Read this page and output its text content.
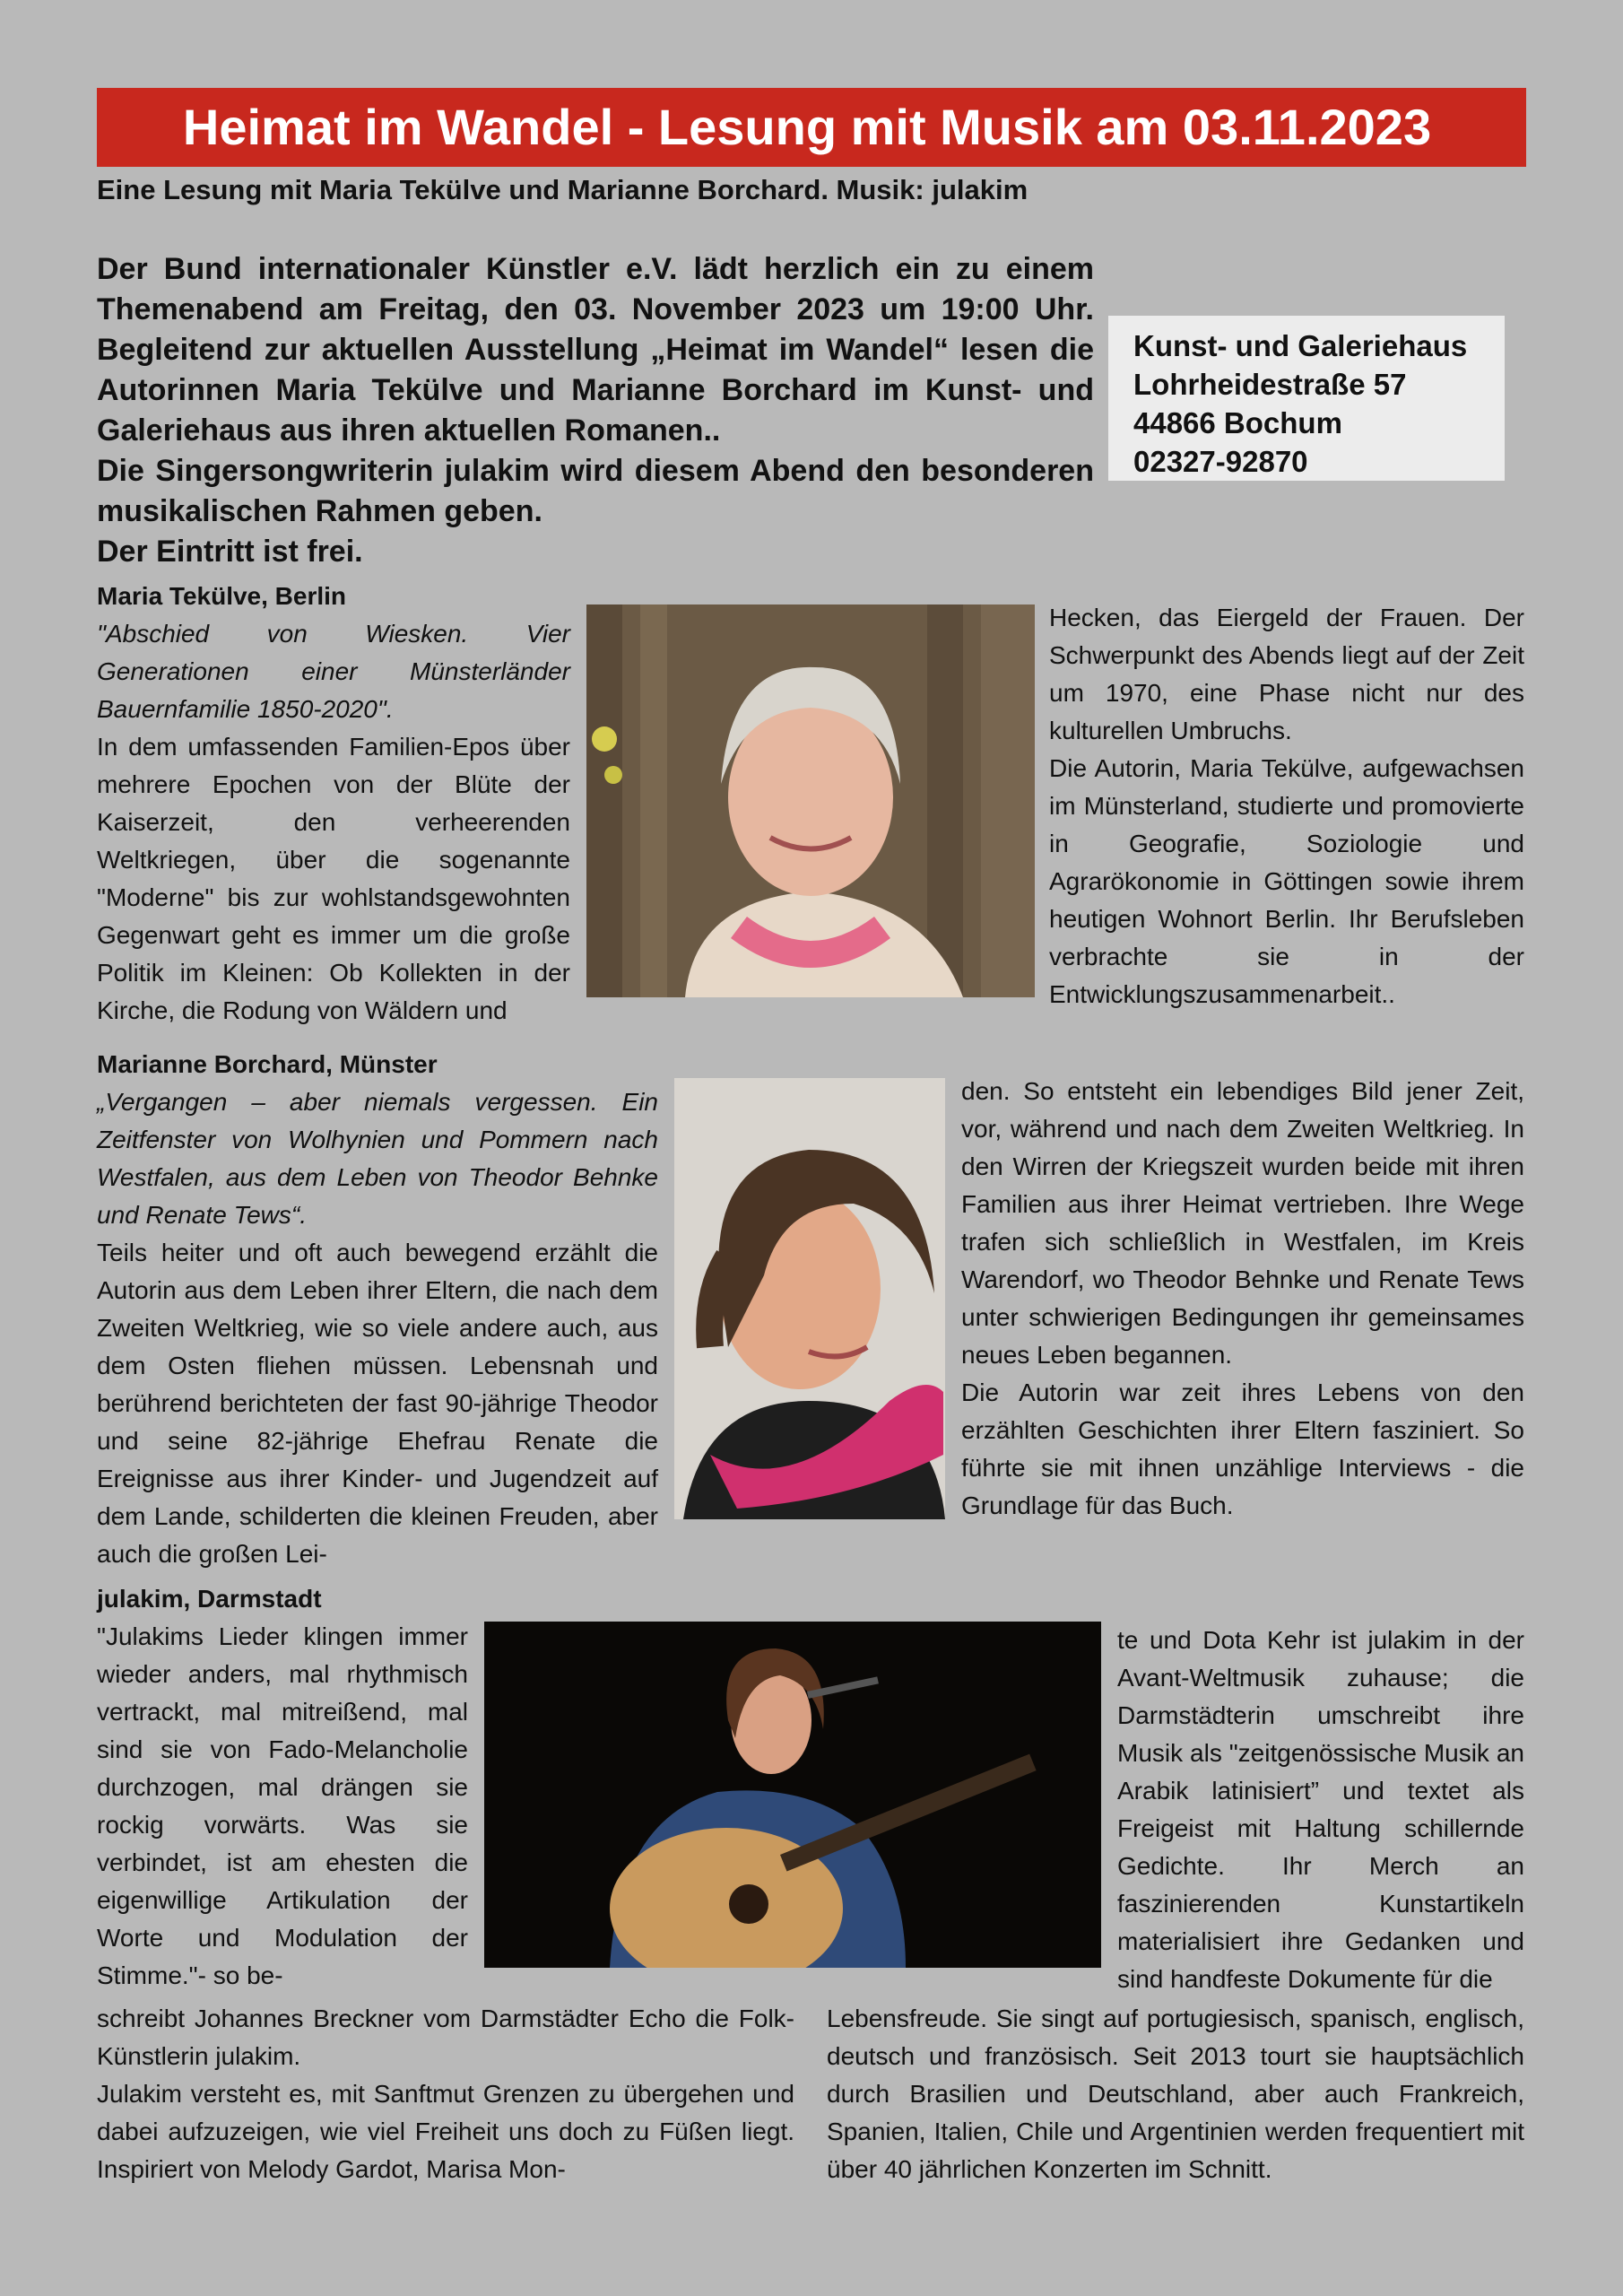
Heimat im Wandel - Lesung mit Musik am 03.11.2023
Eine Lesung mit Maria Tekülve und Marianne Borchard. Musik: julakim

Der Bund internationaler Künstler e.V. lädt herzlich ein zu einem Themenabend am Freitag, den 03. November 2023 um 19:00 Uhr. Begleitend zur aktuellen Ausstellung „Heimat im Wandel“ lesen die Autorinnen Maria Tekülve und Marianne Borchard im Kunst- und Galeriehaus aus ihren aktuellen Romanen..

Die Singersongwriterin julakim wird diesem Abend den besonderen musikalischen Rahmen geben.

Der Eintritt ist frei.

Kunst- und Galeriehaus
Lohrheidestraße 57
44866 Bochum
02327-92870

Maria Tekülve, Berlin

"Abschied von Wiesken. Vier Generationen einer Münsterländer Bauernfamilie 1850-2020".

In dem umfassenden Familien-Epos über mehrere Epochen von der Blüte der Kaiserzeit, den verheerenden Weltkriegen, über die sogenannte "Moderne" bis zur wohlstandsgewohnten Gegenwart geht es immer um die große Politik im Kleinen: Ob Kollekten in der Kirche, die Rodung von Wäldern und

Hecken, das Eiergeld der Frauen. Der Schwerpunkt des Abends liegt auf der Zeit um 1970, eine Phase nicht nur des kulturellen Umbruchs.

Die Autorin, Maria Tekülve, aufgewachsen im Münsterland, studierte und promovierte in Geografie, Soziologie und Agrarökonomie in Göttingen sowie ihrem heutigen Wohnort Berlin. Ihr Berufsleben verbrachte sie in der Entwicklungszusammenarbeit..

Marianne Borchard, Münster

„Vergangen – aber niemals vergessen. Ein Zeitfenster von Wolhynien und Pommern nach Westfalen, aus dem Leben von Theodor Behnke und Renate Tews“.

Teils heiter und oft auch bewegend erzählt die Autorin aus dem Leben ihrer Eltern, die nach dem Zweiten Weltkrieg, wie so viele andere auch, aus dem Osten fliehen müssen. Lebensnah und berührend berichteten der fast 90-jährige Theodor und seine 82-jährige Ehefrau Renate die Ereignisse aus ihrer Kinder- und Jugendzeit auf dem Lande, schilderten die kleinen Freuden, aber auch die großen Lei-

den. So entsteht ein lebendiges Bild jener Zeit, vor, während und nach dem Zweiten Weltkrieg. In den Wirren der Kriegszeit wurden beide mit ihren Familien aus ihrer Heimat vertrieben. Ihre Wege trafen sich schließlich in Westfalen, im Kreis Warendorf, wo Theodor Behnke und Renate Tews unter schwierigen Bedingungen ihr gemeinsames neues Leben begannen.

Die Autorin war zeit ihres Lebens von den erzählten Geschichten ihrer Eltern fasziniert. So führte sie mit ihnen unzählige Interviews - die Grundlage für das Buch.

julakim, Darmstadt

"Julakims Lieder klingen immer wieder anders, mal rhythmisch vertrackt, mal mitreißend, mal sind sie von Fado-Melancholie durchzogen, mal drängen sie rockig vorwärts. Was sie verbindet, ist am ehesten die eigenwillige Artikulation der Worte und Modulation der Stimme."- so be-

te und Dota Kehr ist julakim in der Avant-Weltmusik zuhause; die Darmstädterin umschreibt ihre Musik als "zeitgenössische Musik an Arabik latinisiert” und textet als Freigeist mit Haltung schillernde Gedichte. Ihr Merch an faszinierenden Kunstartikeln materialisiert ihre Gedanken und sind handfeste Dokumente für die

schreibt Johannes Breckner vom Darmstädter Echo die Folk-Künstlerin julakim.

Julakim versteht es, mit Sanftmut Grenzen zu übergehen und dabei aufzuzeigen, wie viel Freiheit uns doch zu Füßen liegt. Inspiriert von Melody Gardot, Marisa Mon-

Lebensfreude. Sie singt auf portugiesisch, spanisch, englisch, deutsch und französisch. Seit 2013 tourt sie hauptsächlich durch Brasilien und Deutschland, aber auch Frankreich, Spanien, Italien, Chile und Argentinien werden frequentiert mit über 40 jährlichen Konzerten im Schnitt.
